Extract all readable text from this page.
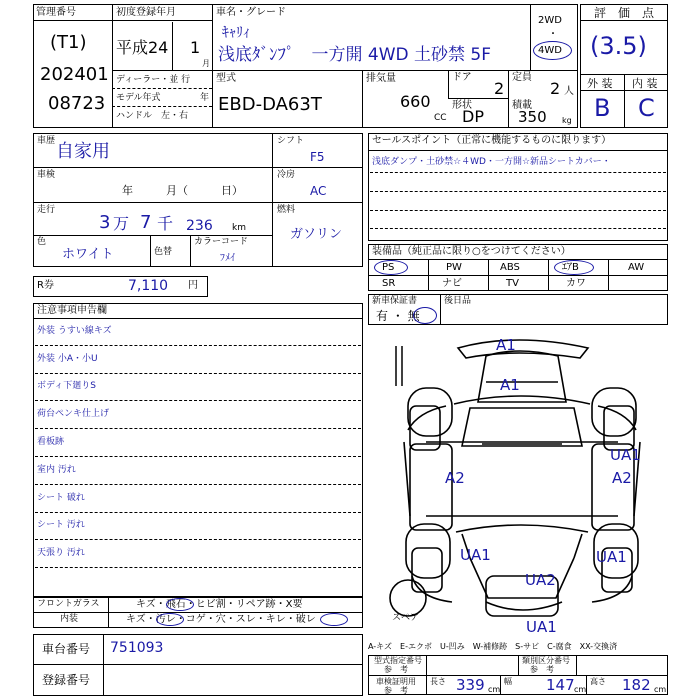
管理番号
(T1)
202401
08723
初度登録年月
平成 24 1
月
ディーラー・並 行
モデル年式	年
ハンドル　左・右
車名・グレード
ｷｬﾘｨ
浅底ﾀﾞﾝﾌﾟ　一方開 4WD 土砂禁 5F
2WD
・
4WD
型式
EBD-DA63T
排気量
660
CC
ドア
2
定員
2 人
形状
DP
積載
350 kg
評　価　点
(3.5)
外 装 内 装
B C
車歴 自家用
車検
年　　　月（　　　日）
走行
3 万 7 千 236 km
色
ホワイト	色替
カラーコード
ﾌﾒｲ
シフト
F5
冷房
AC
燃料
ガソリン
R券	7,110 円
セールスポイント（正常に機能するものに限ります）
浅底ダンプ・土砂禁☆４WD・一方開☆新品シートカバー・
装備品（純正品に限り○をつけてください）
PS	PW	ABS	ｴｱB	AW
SR	ナビ	TV	カワ
新車保証書
有 ・ 無
後日品
注意事項申告欄
外装 うすい線キズ
外装 小A・小U
ボディ下廻りS
荷台ペンキ仕上げ
看板跡
室内 汚れ
シート 破れ
シート 汚れ
天張り 汚れ
フロントガラス	キズ・飛石・ヒビ割・リペア跡・X要
内装	キズ・汚レ・コゲ・穴・スレ・キレ・破レ
A1
A1
A2
UA1
A2
UA1	UA1
UA2
UA1
スペア
車台番号 751093
登録番号
A-キズ　E-エクボ　U-凹み　W-補修跡　S-サビ　C-腐食　XX-交換済
型式指定番号
参　考
類別区分番号
参　考
車検証明用
参　考
長さ 339 cm
幅 147 cm
高さ 182 cm
